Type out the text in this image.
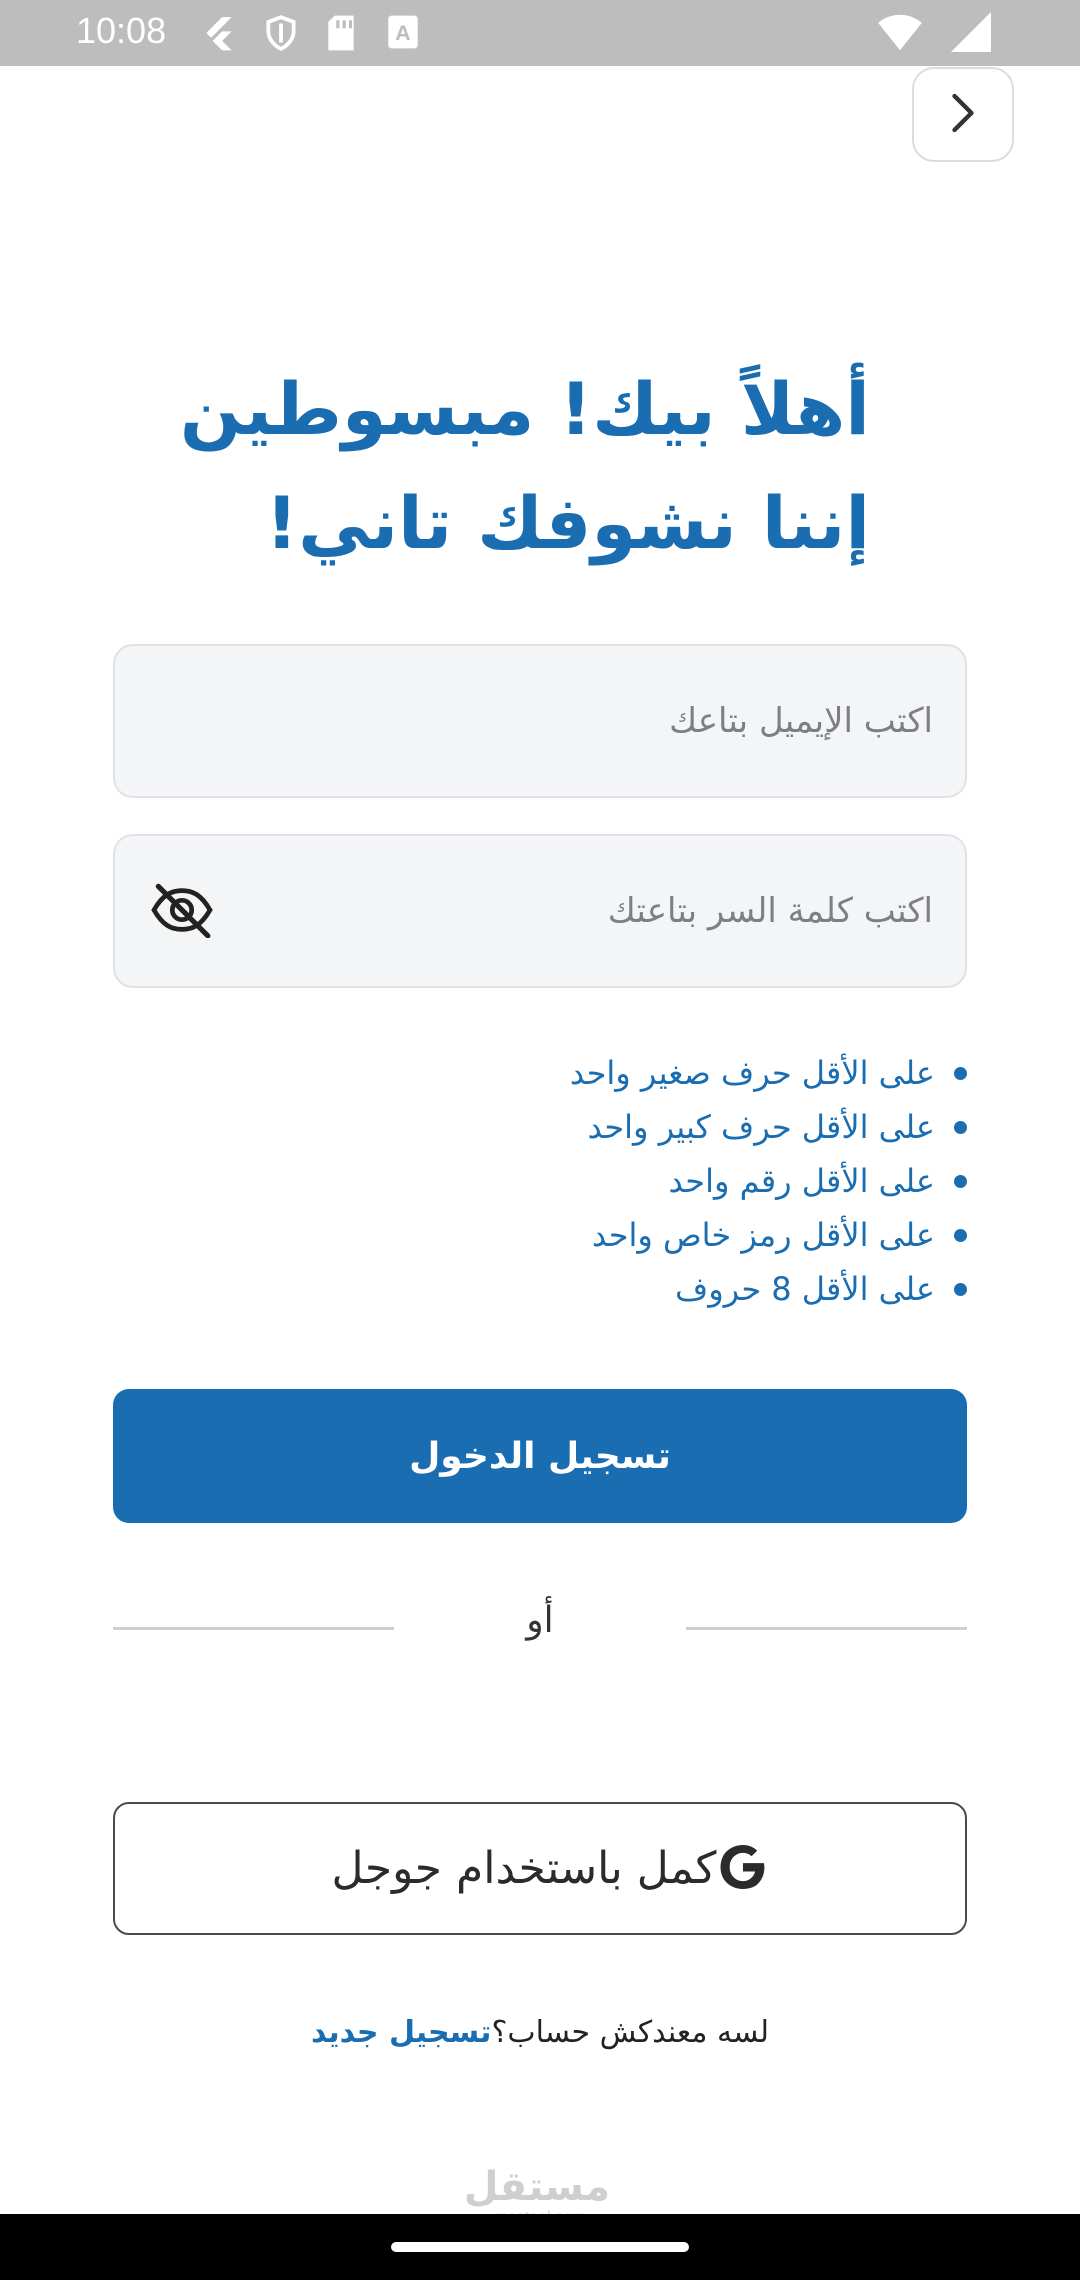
10:08	A
أهلاً بيك! مبسوطين
إننا نشوفك تاني!
اكتب الإيميل بتاعك
على الأقل حرف صغير واحد
على الأقل حرف كبير واحد
على الأقل رقم واحد
على الأقل رمز خاص واحد
على الأقل 8 حروف
تسجيل الدخول
أو
كمل باستخدام جوجل
لسه معندكش حساب؟تسجيل جديد
مستقل
